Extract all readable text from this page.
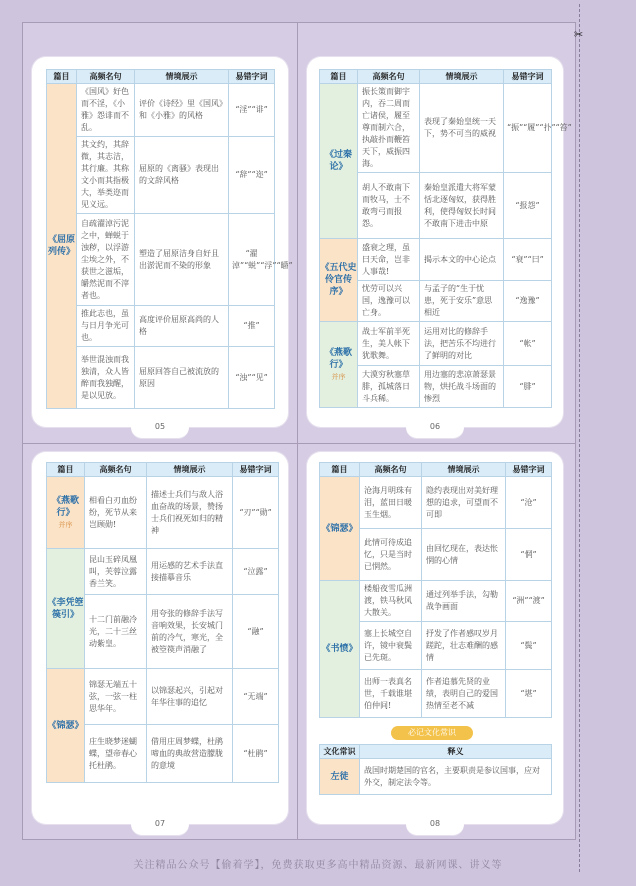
✂
篇目	高频名句	情境展示	易错字词
《屈原列传》	《国风》好色而不淫，《小雅》怨诽而不乱。	评价《诗经》里《国风》和《小雅》的风格	“淫”“诽”
	其文约，其辞微，其志洁，其行廉。其称文小而其指极大，举类迩而见义远。	屈原的《离骚》表现出的文辞风格	“辞”“迩”
	自疏濯淖污泥之中，蝉蜕于浊秽，以浮游尘埃之外，不获世之滋垢，皭然泥而不滓者也。	塑造了屈原洁身自好且出淤泥而不染的形象	“濯淖”“蜕”“浮”“皭”
	推此志也，虽与日月争光可也。	高度评价屈原高尚的人格	“推”
	举世混浊而我独清，众人皆醉而我独醒，是以见放。	屈原回答自己被流放的原因	“浊”“见”
05
篇目	高频名句	情境展示	易错字词
《过秦论》	振长策而御宇内，吞二周而亡诸侯，履至尊而制六合，执敲扑而鞭笞天下，威振四海。	表现了秦始皇统一天下，势不可当的威视	“振”“履”“扑”“笞”
	胡人不敢南下而牧马，士不敢弯弓而报怨。	秦始皇派遣大将军蒙恬北逐匈奴，获得胜利，使得匈奴长时间不敢南下进击中原	“报怨”
《五代史伶官传序》	盛衰之理，虽曰天命，岂非人事哉!	揭示本文的中心论点	“衰”“曰”
	忧劳可以兴国，逸豫可以亡身。	与孟子的“生于忧患，死于安乐”意思相近	“逸豫”
《燕歌行》
并序	战士军前半死生，美人帐下犹歌舞。	运用对比的修辞手法，把苦乐不均进行了鲜明的对比	“帐”
	大漠穷秋塞草腓，孤城落日斗兵稀。	用边塞的悲凉萧瑟景物，烘托战斗场面的惨烈	“腓”
06
篇目	高频名句	情境展示	易错字词
《燕歌行》
并序	相看白刃血纷纷，死节从来岂顾勋!	描述士兵们与敌人浴血奋战的场景，赞扬士兵们视死如归的精神	“刃”“勋”
《李凭箜篌引》	昆山玉碎凤凰叫，芙蓉泣露香兰笑。	用运感的艺术手法直接描摹音乐	“泣露”
	十二门前融冷光，二十三丝动紫皇。	用夸张的修辞手法写音响效果，长安城门前的冷气，寒光，全被箜篌声消融了	“融”
《锦瑟》	锦瑟无端五十弦，一弦一柱思华年。	以锦瑟起兴，引起对年华往事的追忆	“无端”
	庄生晓梦迷蝴蝶，望帝春心托杜鹃。	借用庄周梦蝶，杜鹃啼血的典故营造朦胧的意境	“杜鹃”
07
篇目	高频名句	情境展示	易错字词
《锦瑟》	沧海月明珠有泪，蓝田日暖玉生烟。	隐约表现出对美好理想的追求，可望而不可即	“沧”
	此情可待成追忆，只是当时已惘然。	由回忆现在，表达怅惘的心情	“惘”
《书愤》	楼船夜雪瓜洲渡，铁马秋风大散关。	通过列举手法，勾勒战争画面	“洲”“渡”
	塞上长城空自许，镜中衰鬓已先斑。	抒发了作者感叹岁月蹉跎，壮志难酬的感情	“鬓”
	出师一表真名世，千载谁堪伯仲间!	作者追慕先贤的业绩，表明自己的爱国热情至老不减	“堪”
文化常识	释义
左徒	战国时期楚国的官名，主要职责是参议国事，应对外交，制定法令等。
08
必记文化常识
关注精品公众号【偷着学】，免费获取更多高中精品资源、最新网课、讲义等
